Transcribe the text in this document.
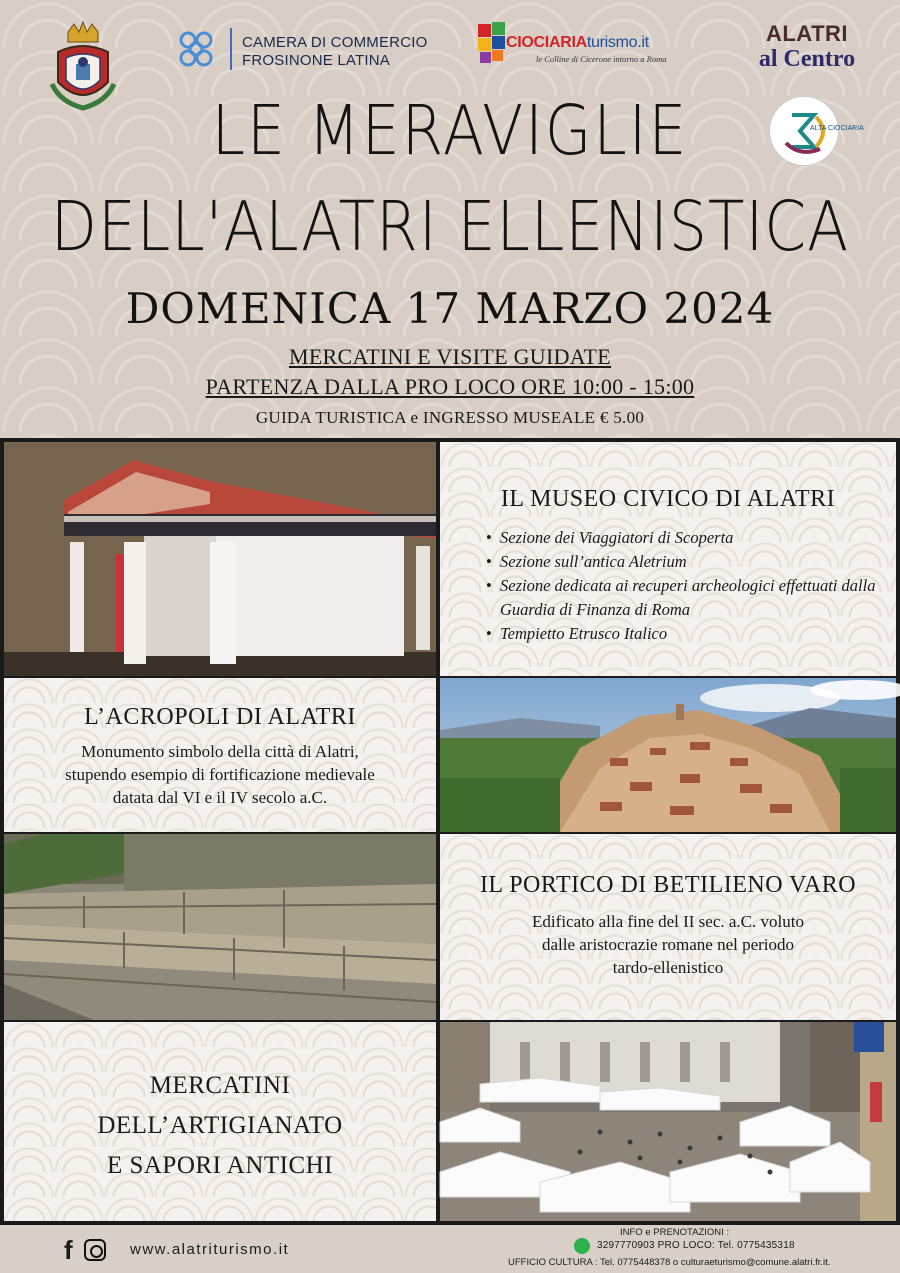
CAMERA DI COMMERCIO
FROSINONE LATINA
CIOCIARIAturismo.it
le Colline di Cicerone intorno a Roma
ALATRI
al Centro
ALTA CIOCIARIA
LE MERAVIGLIE
DELL'ALATRI ELLENISTICA
DOMENICA 17 MARZO 2024
MERCATINI E VISITE GUIDATE
PARTENZA DALLA PRO LOCO ORE 10:00 - 15:00
GUIDA TURISTICA e INGRESSO MUSEALE € 5.00
IL MUSEO CIVICO DI ALATRI
• Sezione dei Viaggiatori di Scoperta
• Sezione sull’antica Aletrium
• Sezione dedicata ai recuperi archeologici effettuati dalla Guardia di Finanza di Roma
• Tempietto Etrusco Italico
L’ACROPOLI DI ALATRI
Monumento simbolo della città di Alatri,
stupendo esempio di fortificazione medievale
datata dal VI e il IV secolo a.C.
IL PORTICO DI BETILIENO VARO
Edificato alla fine del II sec. a.C. voluto
dalle aristocrazie romane nel periodo
tardo-ellenistico
MERCATINI
DELL’ARTIGIANATO
E SAPORI ANTICHI
f	www.alatriturismo.it
INFO e PRENOTAZIONI :
3297770903 PRO LOCO: Tel. 0775435318
UFFICIO CULTURA : Tel. 0775448378 o culturaeturismo@comune.alatri.fr.it.
